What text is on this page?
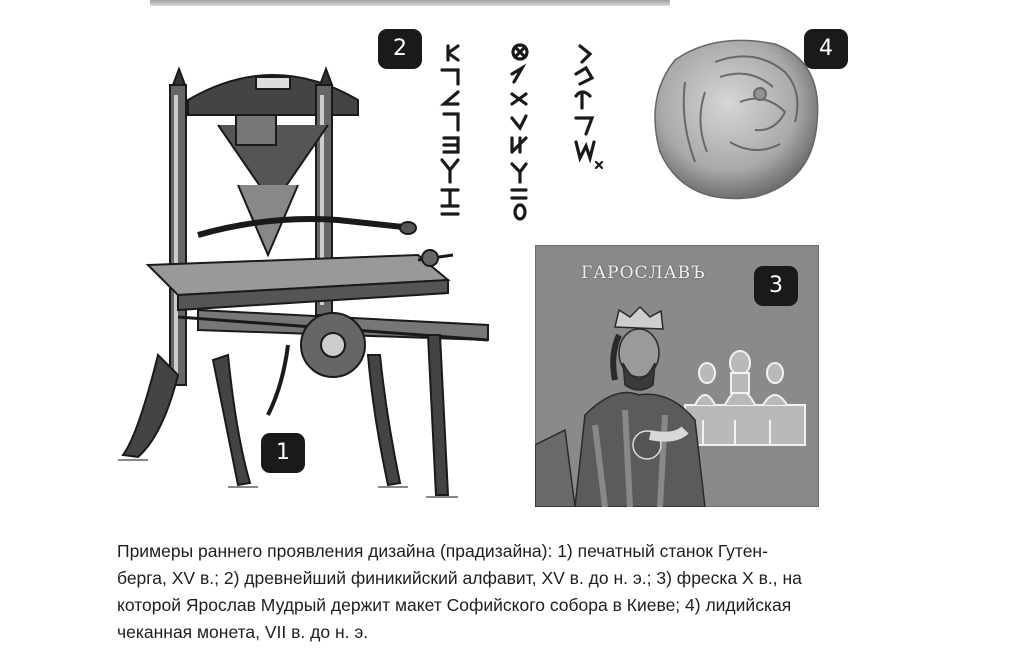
ГАРОСЛАВЪ
1
2
3
4
Примеры раннего проявления дизайна (прадизайна): 1) печатный станок Гутен-
берга, XV в.; 2) древнейший финикийский алфавит, XV в. до н. э.; 3) фреска X в., на
которой Ярослав Мудрый держит макет Софийского собора в Киеве; 4) лидийская
чеканная монета, VII в. до н. э.
